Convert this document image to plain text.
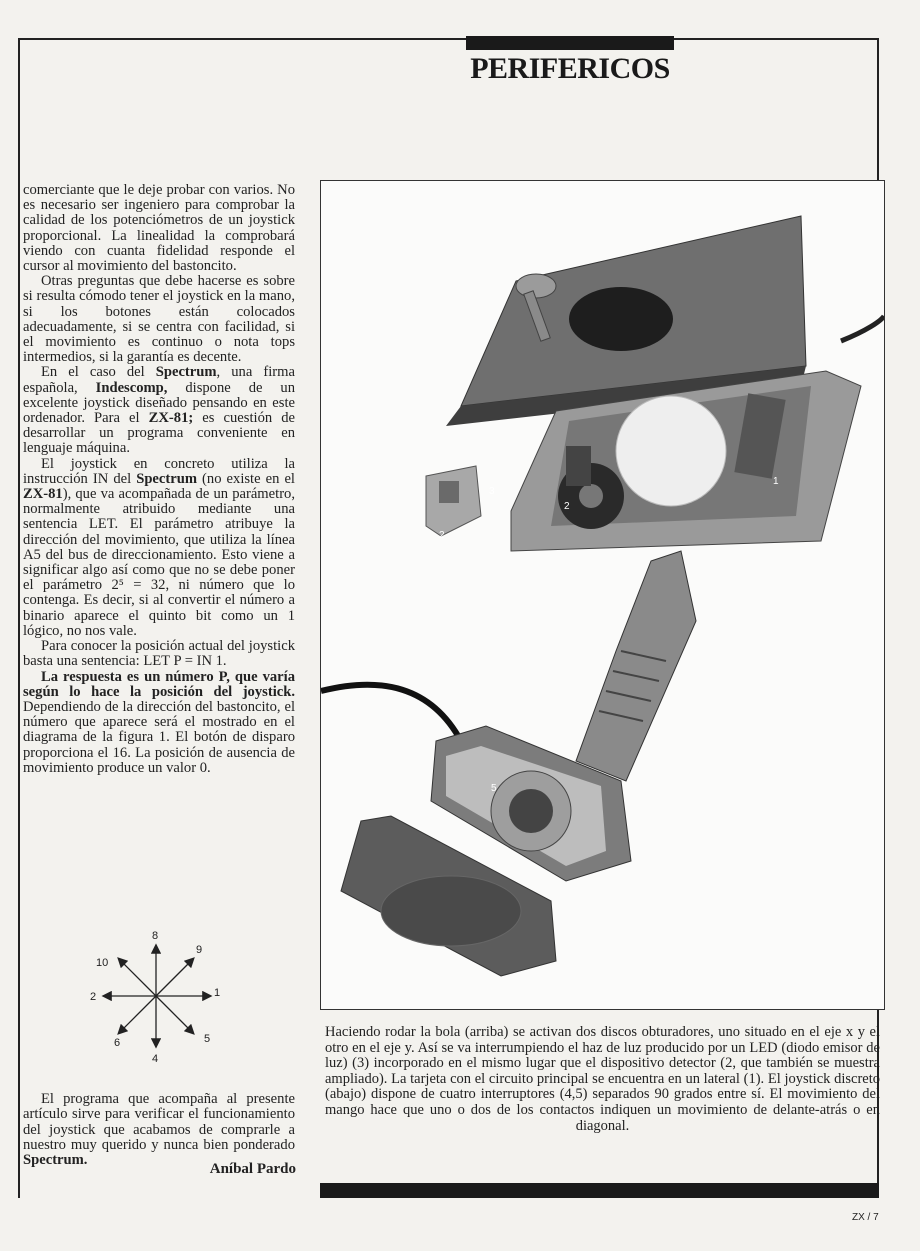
PERIFERICOS

comerciante que le deje probar con varios. No es necesario ser ingeniero para comprobar la calidad de los potenciómetros de un joystick proporcional. La linealidad la comprobará viendo con cuanta fidelidad responde el cursor al movimiento del bastoncito.

Otras preguntas que debe hacerse es sobre si resulta cómodo tener el joystick en la mano, si los botones están colocados adecuadamente, si se centra con facilidad, si el movimiento es continuo o nota tops intermedios, si la garantía es decente.

En el caso del Spectrum, una firma española, Indescomp, dispone de un excelente joystick diseñado pensando en este ordenador. Para el ZX-81; es cuestión de desarrollar un programa conveniente en lenguaje máquina.

El joystick en concreto utiliza la instrucción IN del Spectrum (no existe en el ZX-81), que va acompañada de un parámetro, normalmente atribuido mediante una sentencia LET. El parámetro atribuye la dirección del movimiento, que utiliza la línea A5 del bus de direccionamiento. Esto viene a significar algo así como que no se debe poner el parámetro 2⁵ = 32, ni número que lo contenga. Es decir, si al convertir el número a binario aparece el quinto bit como un 1 lógico, no nos vale.

Para conocer la posición actual del joystick basta una sentencia: LET P = IN 1.

La respuesta es un número P, que varía según lo hace la posición del joystick. Dependiendo de la dirección del bastoncito, el número que aparece será el mostrado en el diagrama de la figura 1. El botón de disparo proporciona el 16. La posición de ausencia de movimiento produce un valor 0.

8
9
10
2	1
6
4
5

El programa que acompaña al presente artículo sirve para verificar el funcionamiento del joystick que acabamos de comprarle a nuestro muy querido y nunca bien ponderado Spectrum.

Aníbal Pardo
2
2
3
1
5
Haciendo rodar la bola (arriba) se activan dos discos obturadores, uno situado en el eje x y el otro en el eje y. Así se va interrumpiendo el haz de luz producido por un LED (diodo emisor de luz) (3) incorporado en el mismo lugar que el dispositivo detector (2, que también se muestra ampliado). La tarjeta con el circuito principal se encuentra en un lateral (1). El joystick discreto (abajo) dispone de cuatro interruptores (4,5) separados 90 grados entre sí. El movimiento del mango hace que uno o dos de los contactos indiquen un movimiento de delante-atrás o en diagonal.
ZX / 7
